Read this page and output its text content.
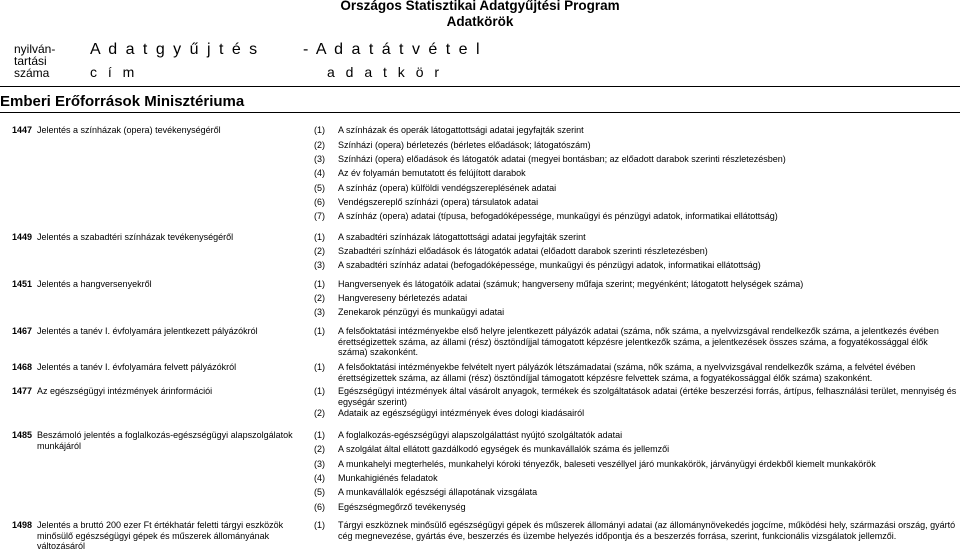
Országos Statisztikai Adatgyűjtési Program
Adatkörök
nyilván-
tartási
száma
A d a t g y ű j t é s
c í m
- A d a t á t v é t e l
a d a t k ö r
Emberi Erőforrások Minisztériuma
1447 Jelentés a színházak (opera) tevékenységéről	(1) A színházak és operák látogattottsági adatai jegyfajták szerint
(2) Színházi (opera) bérletezés (bérletes előadások; látogatószám)
(3) Színházi (opera) előadások és látogatók adatai (megyei bontásban; az előadott darabok szerinti részletezésben)
(4) Az év folyamán bemutatott és felújított darabok
(5) A színház (opera) külföldi vendégszereplésének adatai
(6) Vendégszereplő színházi (opera) társulatok adatai
(7) A színház (opera) adatai (típusa, befogadóképessége, munkaügyi és pénzügyi adatok, informatikai ellátottság)
1449 Jelentés a szabadtéri színházak tevékenységéről	(1) A szabadtéri színházak látogattottsági adatai jegyfajták szerint
(2) Szabadtéri színházi előadások és látogatók adatai (előadott darabok szerinti részletezésben)
(3) A szabadtéri színház adatai (befogadóképessége, munkaügyi és pénzügyi adatok, informatikai ellátottság)
1451 Jelentés a hangversenyekről	(1) Hangversenyek és látogatóik adatai (számuk; hangverseny műfaja szerint; megyénként; látogatott helységek száma)
(2) Hangvereseny bérletezés adatai
(3) Zenekarok pénzügyi és munkaügyi adatai
1467 Jelentés a tanév I. évfolyamára jelentkezett pályázókról	(1) A felsőoktatási intézményekbe első helyre jelentkezett pályázók adatai (száma, nők száma, a nyelvvizsgával rendelkezők száma, a jelentkezés évében érettségizettek száma, az állami (rész) ösztöndíjjal támogatott képzésre jelentkezők száma, a jelentkezések összes száma, a fogyatékossággal élők száma) szakonként.
1468 Jelentés a tanév I. évfolyamára felvett pályázókról	(1) A felsőoktatási intézményekbe felvételt nyert pályázók létszámadatai (száma, nők száma, a nyelvvizsgával rendelkezők száma, a felvétel évében érettségizettek száma, az állami (rész) ösztöndíjjal támogatott képzésre felvettek száma, a fogyatékossággal élők száma) szakonként.
1477 Az egészségügyi intézmények árinformációi	(1) Egészségügyi intézmények által vásárolt anyagok, termékek és szolgáltatások adatai (értéke beszerzési forrás, ártípus, felhasználási terület, mennyiség és egységár szerint)
(2) Adataik az egészségügyi intézmények éves dologi kiadásairól
1485 Beszámoló jelentés a foglalkozás-egészségügyi alapszolgálatok munkájáról
(1) A foglalkozás-egészségügyi alapszolgálattást nyújtó szolgáltatók adatai
(2) A szolgálat által ellátott gazdálkodó egységek és munkavállalók száma és jellemzői
(3) A munkahelyi megterhelés, munkahelyi kóroki tényezők, baleseti veszéllyel járó munkakörök, járványügyi érdekből kiemelt munkakörök
(4) Munkahigiénés feladatok
(5) A munkavállalók egészségi állapotának vizsgálata
(6) Egészségmegőrző tevékenység
1498 Jelentés a bruttó 200 ezer Ft értékhatár feletti tárgyi eszközök minősülő egészségügyi gépek és műszerek állományának változásáról
(1) Tárgyi eszköznek minősülő egészségügyi gépek és műszerek állományi adatai (az állománynövekedés jogcíme, működési hely, származási ország, gyártó cég megnevezése, gyártás éve, beszerzés és üzembe helyezés időpontja és a beszerzés forrása, szerint, funkcionális vizsgálatok jellemzői.
